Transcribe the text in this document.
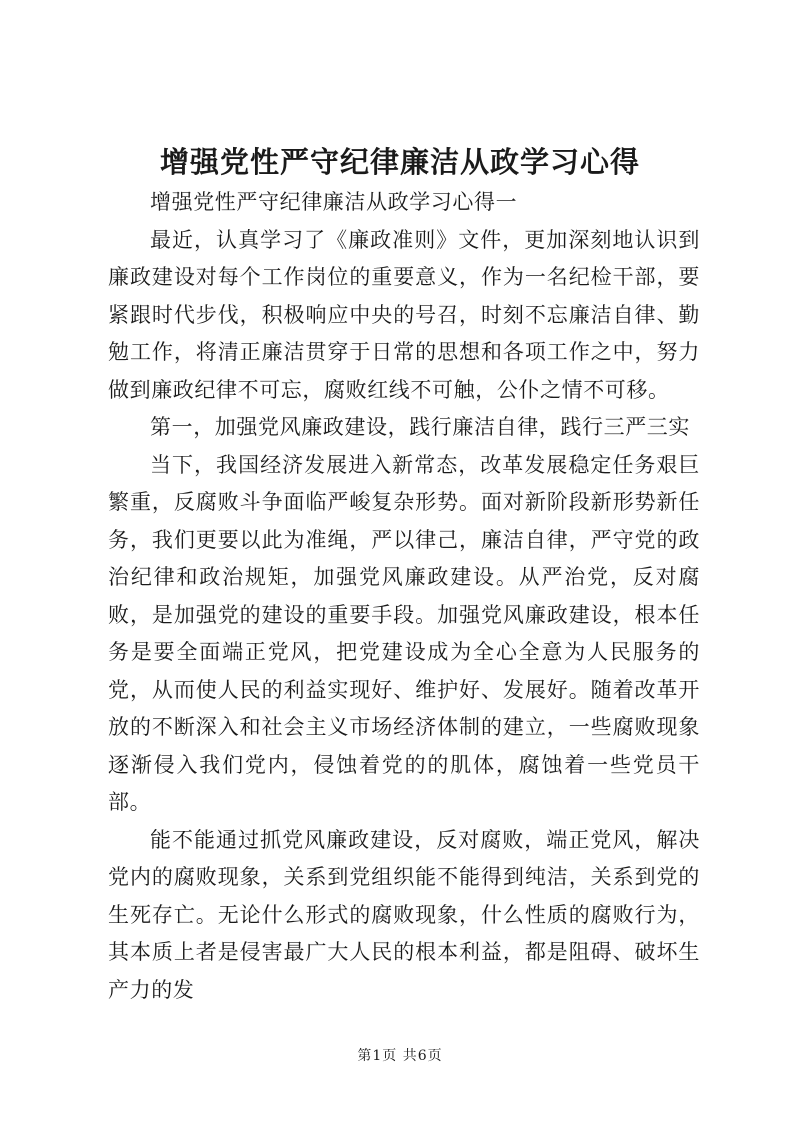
增强党性严守纪律廉洁从政学习心得

增强党性严守纪律廉洁从政学习心得一

最近，认真学习了《廉政准则》文件，更加深刻地认识到廉政建设对每个工作岗位的重要意义，作为一名纪检干部，要紧跟时代步伐，积极响应中央的号召，时刻不忘廉洁自律、勤勉工作，将清正廉洁贯穿于日常的思想和各项工作之中，努力做到廉政纪律不可忘，腐败红线不可触，公仆之情不可移。

第一，加强党风廉政建设，践行廉洁自律，践行三严三实

当下，我国经济发展进入新常态，改革发展稳定任务艰巨繁重，反腐败斗争面临严峻复杂形势。面对新阶段新形势新任务，我们更要以此为准绳，严以律己，廉洁自律，严守党的政治纪律和政治规矩，加强党风廉政建设。从严治党，反对腐败，是加强党的建设的重要手段。加强党风廉政建设，根本任务是要全面端正党风，把党建设成为全心全意为人民服务的党，从而使人民的利益实现好、维护好、发展好。随着改革开放的不断深入和社会主义市场经济体制的建立，一些腐败现象逐渐侵入我们党内，侵蚀着党的的肌体，腐蚀着一些党员干部。

能不能通过抓党风廉政建设，反对腐败，端正党风，解决党内的腐败现象，关系到党组织能不能得到纯洁，关系到党的生死存亡。无论什么形式的腐败现象，什么性质的腐败行为，其本质上者是侵害最广大人民的根本利益，都是阻碍、破坏生产力的发

第1页 共6页
